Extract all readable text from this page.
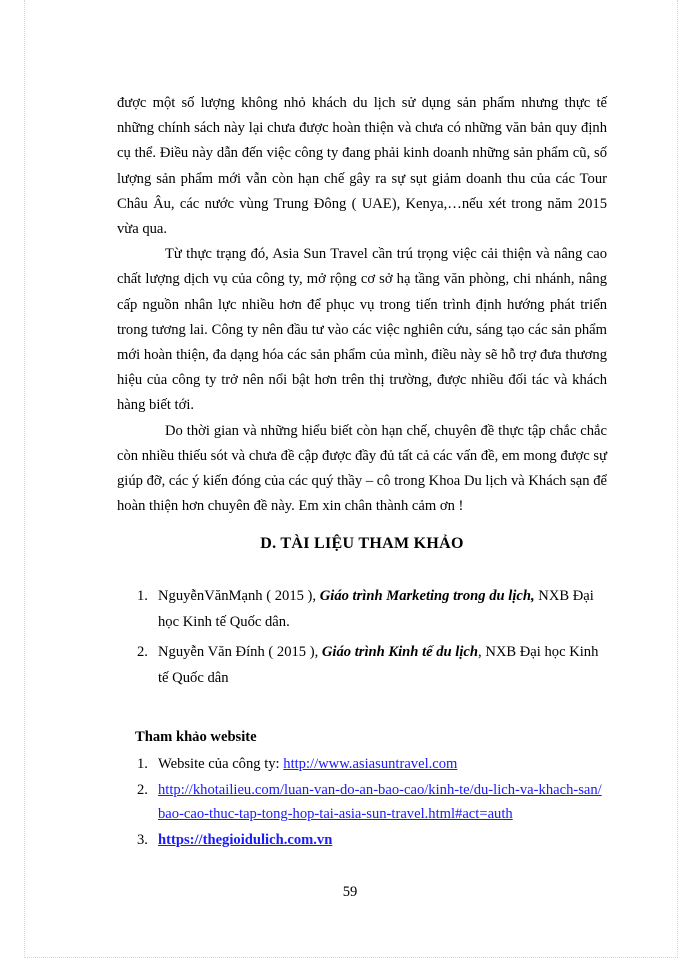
được một số lượng không nhỏ khách du lịch sử dụng sản phẩm nhưng thực tế những chính sách này lại chưa được hoàn thiện và chưa có những văn bản quy định cụ thể. Điều này dẫn đến việc công ty đang phải kinh doanh những sản phẩm cũ, số lượng sản phẩm mới vẫn còn hạn chế gây ra sự sụt giảm doanh thu của các Tour Châu Âu, các nước vùng Trung Đông ( UAE), Kenya,…nếu xét trong năm 2015 vừa qua.

Từ thực trạng đó, Asia Sun Travel cần trú trọng việc cải thiện và nâng cao chất lượng dịch vụ của công ty, mở rộng cơ sở hạ tầng văn phòng, chi nhánh, nâng cấp nguồn nhân lực nhiều hơn để phục vụ trong tiến trình định hướng phát triển trong tương lai. Công ty nên đầu tư vào các việc nghiên cứu, sáng tạo các sản phẩm mới hoàn thiện, đa dạng hóa các sản phẩm của mình, điều này sẽ hỗ trợ đưa thương hiệu của công ty trở nên nổi bật hơn trên thị trường, được nhiều đối tác và khách hàng biết tới.

Do thời gian và những hiểu biết còn hạn chế, chuyên đề thực tập chắc chắc còn nhiều thiếu sót và chưa đề cập được đầy đủ tất cả các vấn đề, em mong được sự giúp đỡ, các ý kiến đóng của các quý thầy – cô trong Khoa Du lịch và Khách sạn để hoàn thiện hơn chuyên đề này. Em xin chân thành cảm ơn !

D. TÀI LIỆU THAM KHẢO
1. NguyễnVănMạnh ( 2015 ), Giáo trình Marketing trong du lịch, NXB Đại học Kinh tế Quốc dân.
2. Nguyễn Văn Đính ( 2015 ), Giáo trình Kinh tế du lịch, NXB Đại học Kinh tế Quốc dân
Tham khảo website
1. Website của công ty: http://www.asiasuntravel.com
2. http://khotailieu.com/luan-van-do-an-bao-cao/kinh-te/du-lich-va-khach-san/bao-cao-thuc-tap-tong-hop-tai-asia-sun-travel.html#act=auth
3. https://thegioidulich.com.vn
59
